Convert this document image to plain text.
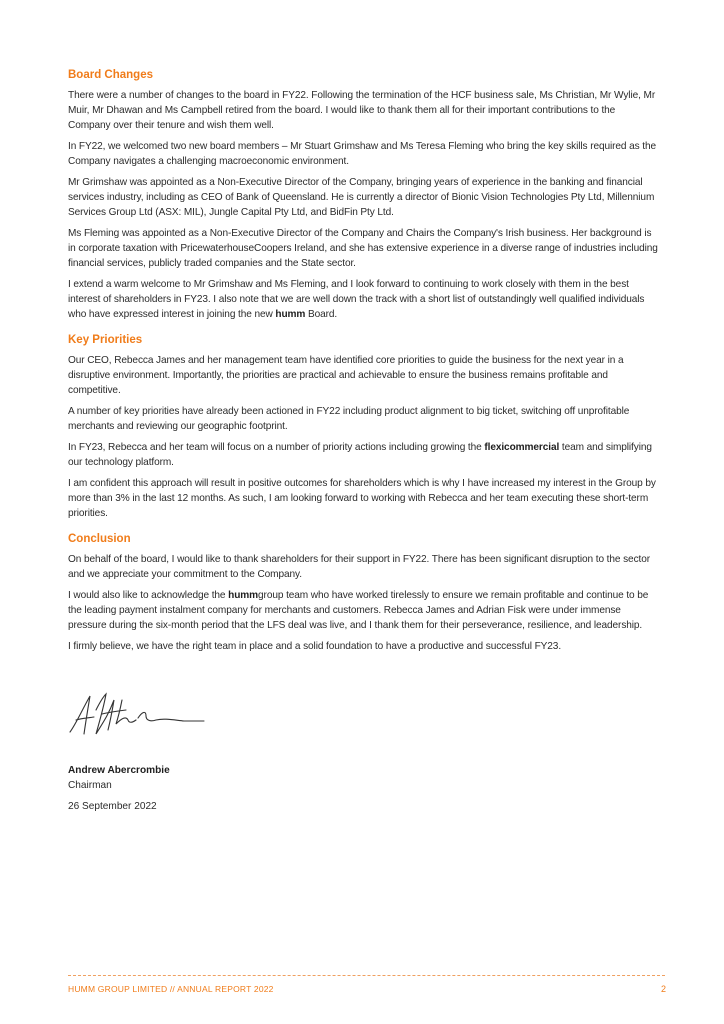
Board Changes

There were a number of changes to the board in FY22. Following the termination of the HCF business sale, Ms Christian, Mr Wylie, Mr Muir, Mr Dhawan and Ms Campbell retired from the board. I would like to thank them all for their important contributions to the Company over their tenure and wish them well.

In FY22, we welcomed two new board members – Mr Stuart Grimshaw and Ms Teresa Fleming who bring the key skills required as the Company navigates a challenging macroeconomic environment.

Mr Grimshaw was appointed as a Non-Executive Director of the Company, bringing years of experience in the banking and financial services industry, including as CEO of Bank of Queensland. He is currently a director of Bionic Vision Technologies Pty Ltd, Millennium Services Group Ltd (ASX: MIL), Jungle Capital Pty Ltd, and BidFin Pty Ltd.

Ms Fleming was appointed as a Non-Executive Director of the Company and Chairs the Company's Irish business. Her background is in corporate taxation with PricewaterhouseCoopers Ireland, and she has extensive experience in a diverse range of industries including financial services, publicly traded companies and the State sector.

I extend a warm welcome to Mr Grimshaw and Ms Fleming, and I look forward to continuing to work closely with them in the best interest of shareholders in FY23. I also note that we are well down the track with a short list of outstandingly well qualified individuals who have expressed interest in joining the new humm Board.

Key Priorities

Our CEO, Rebecca James and her management team have identified core priorities to guide the business for the next year in a disruptive environment. Importantly, the priorities are practical and achievable to ensure the business remains profitable and competitive.

A number of key priorities have already been actioned in FY22 including product alignment to big ticket, switching off unprofitable merchants and reviewing our geographic footprint.

In FY23, Rebecca and her team will focus on a number of priority actions including growing the flexicommercial team and simplifying our technology platform.

I am confident this approach will result in positive outcomes for shareholders which is why I have increased my interest in the Group by more than 3% in the last 12 months. As such, I am looking forward to working with Rebecca and her team executing these short-term priorities.

Conclusion

On behalf of the board, I would like to thank shareholders for their support in FY22. There has been significant disruption to the sector and we appreciate your commitment to the Company.

I would also like to acknowledge the hummgroup team who have worked tirelessly to ensure we remain profitable and continue to be the leading payment instalment company for merchants and customers. Rebecca James and Adrian Fisk were under immense pressure during the six-month period that the LFS deal was live, and I thank them for their perseverance, resilience, and leadership.

I firmly believe, we have the right team in place and a solid foundation to have a productive and successful FY23.

Andrew Abercrombie
Chairman
26 September 2022
HUMM GROUP LIMITED // ANNUAL REPORT 2022	2
